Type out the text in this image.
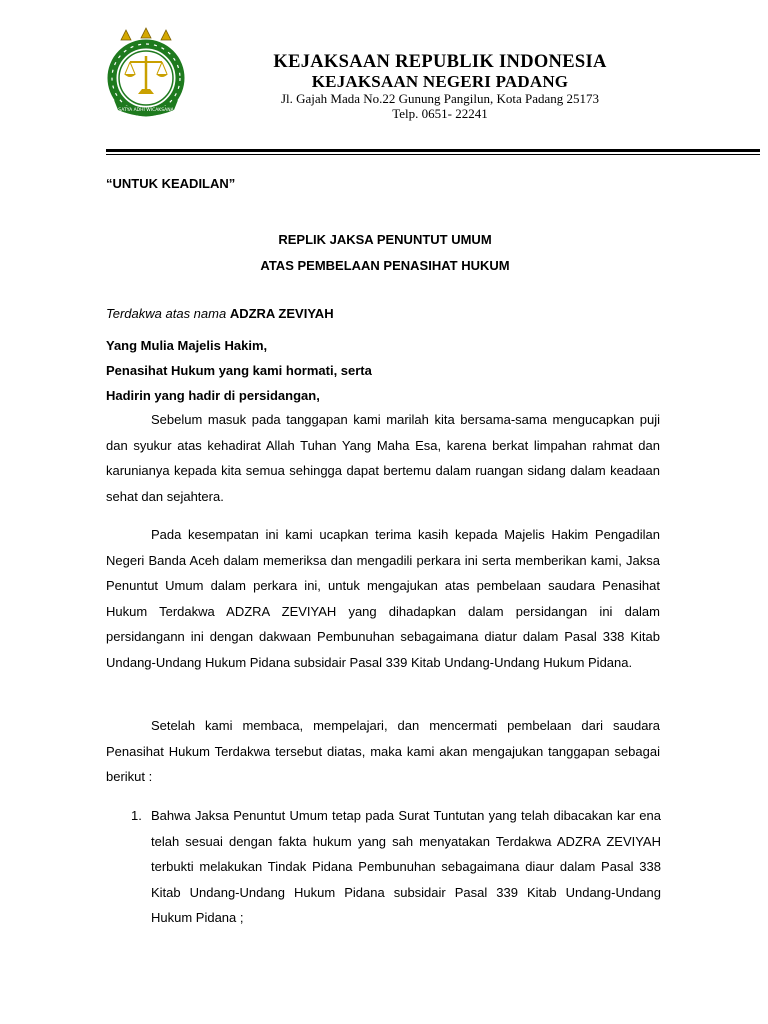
SATYA ADHI WICAKSANA
KEJAKSAAN REPUBLIK INDONESIA
KEJAKSAAN NEGERI PADANG
Jl. Gajah Mada No.22 Gunung Pangilun, Kota Padang 25173
Telp. 0651- 22241
“UNTUK KEADILAN”
REPLIK JAKSA PENUNTUT UMUM
ATAS PEMBELAAN PENASIHAT HUKUM
Terdakwa atas nama ADZRA ZEVIYAH
Yang Mulia Majelis Hakim,
Penasihat Hukum yang kami hormati, serta
Hadirin yang hadir di persidangan,

Sebelum masuk pada tanggapan kami marilah kita bersama-sama mengucapkan puji dan syukur atas kehadirat Allah Tuhan Yang Maha Esa, karena berkat limpahan rahmat dan karunianya kepada kita semua sehingga dapat bertemu dalam ruangan sidang dalam keadaan sehat dan sejahtera.

Pada kesempatan ini kami ucapkan terima kasih kepada Majelis Hakim Pengadilan Negeri Banda Aceh dalam memeriksa dan mengadili perkara ini serta memberikan kami, Jaksa Penuntut Umum dalam perkara ini, untuk mengajukan atas pembelaan saudara Penasihat Hukum Terdakwa ADZRA ZEVIYAH yang dihadapkan dalam persidangan ini dalam persidangann ini dengan dakwaan Pembunuhan sebagaimana diatur dalam Pasal 338 Kitab Undang-Undang Hukum Pidana subsidair Pasal 339 Kitab Undang-Undang Hukum Pidana.

Setelah kami membaca, mempelajari, dan mencermati pembelaan dari saudara Penasihat Hukum Terdakwa tersebut diatas, maka kami akan mengajukan tanggapan sebagai berikut :

1. Bahwa Jaksa Penuntut Umum tetap pada Surat Tuntutan yang telah dibacakan kar ena telah sesuai dengan fakta hukum yang sah menyatakan Terdakwa ADZRA ZEVIYAH terbukti melakukan Tindak Pidana Pembunuhan sebagaimana diaur dalam Pasal 338 Kitab Undang-Undang Hukum Pidana subsidair Pasal 339 Kitab Undang-Undang Hukum Pidana ;
